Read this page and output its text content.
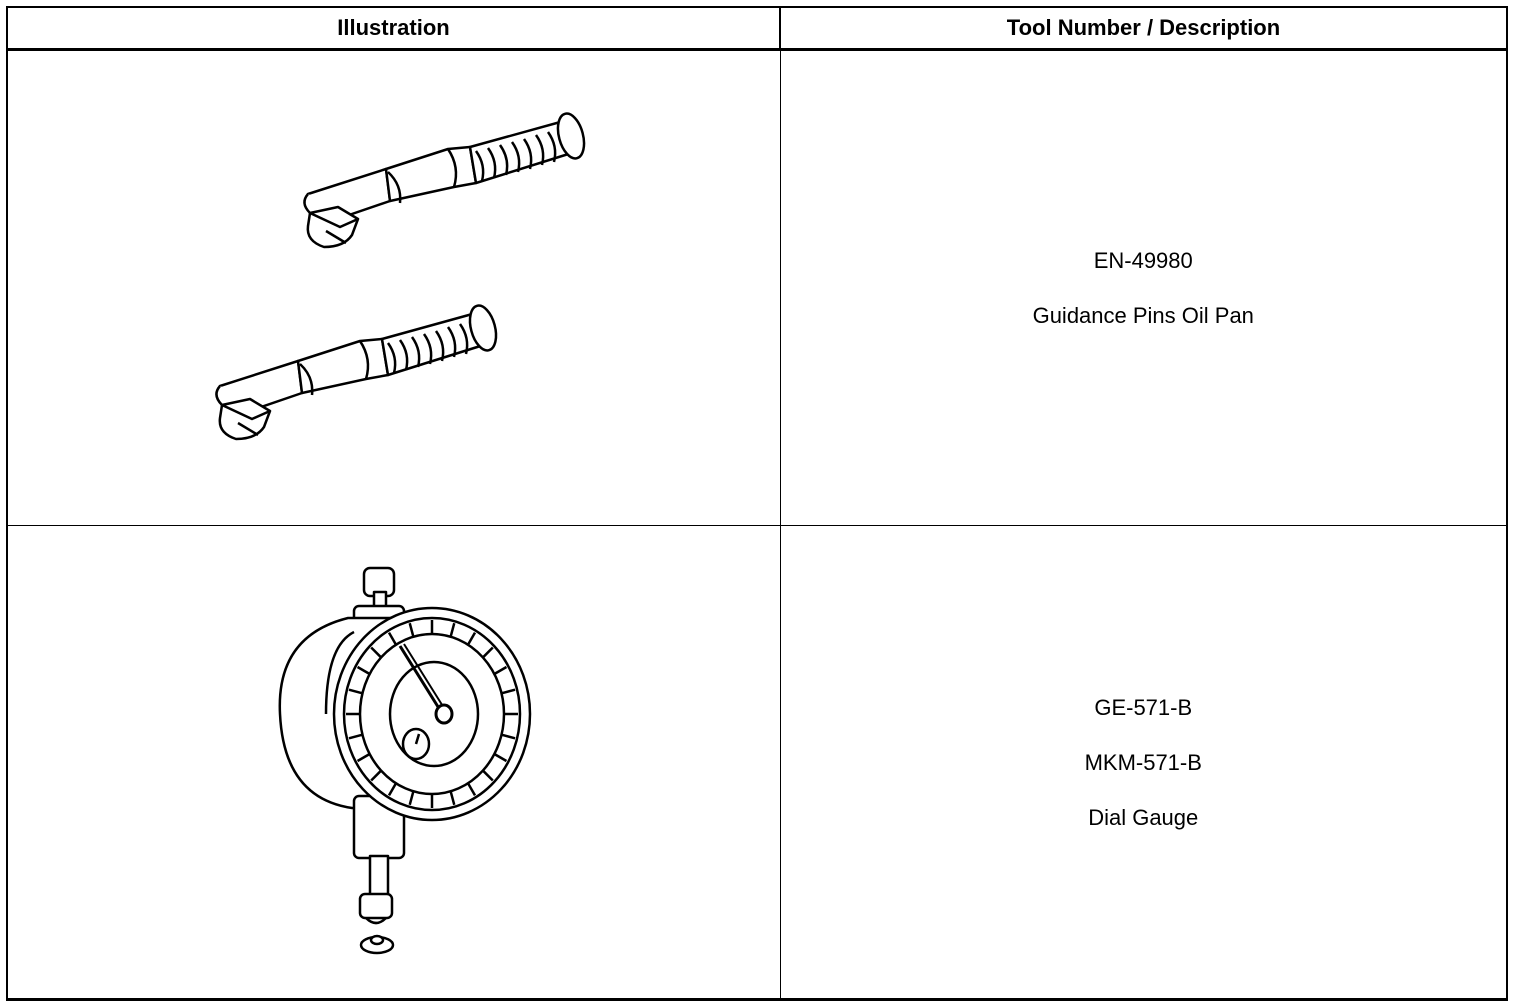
Illustration	Tool Number / Description

EN-49980
Guidance Pins Oil Pan

GE-571-B
MKM-571-B
Dial Gauge
